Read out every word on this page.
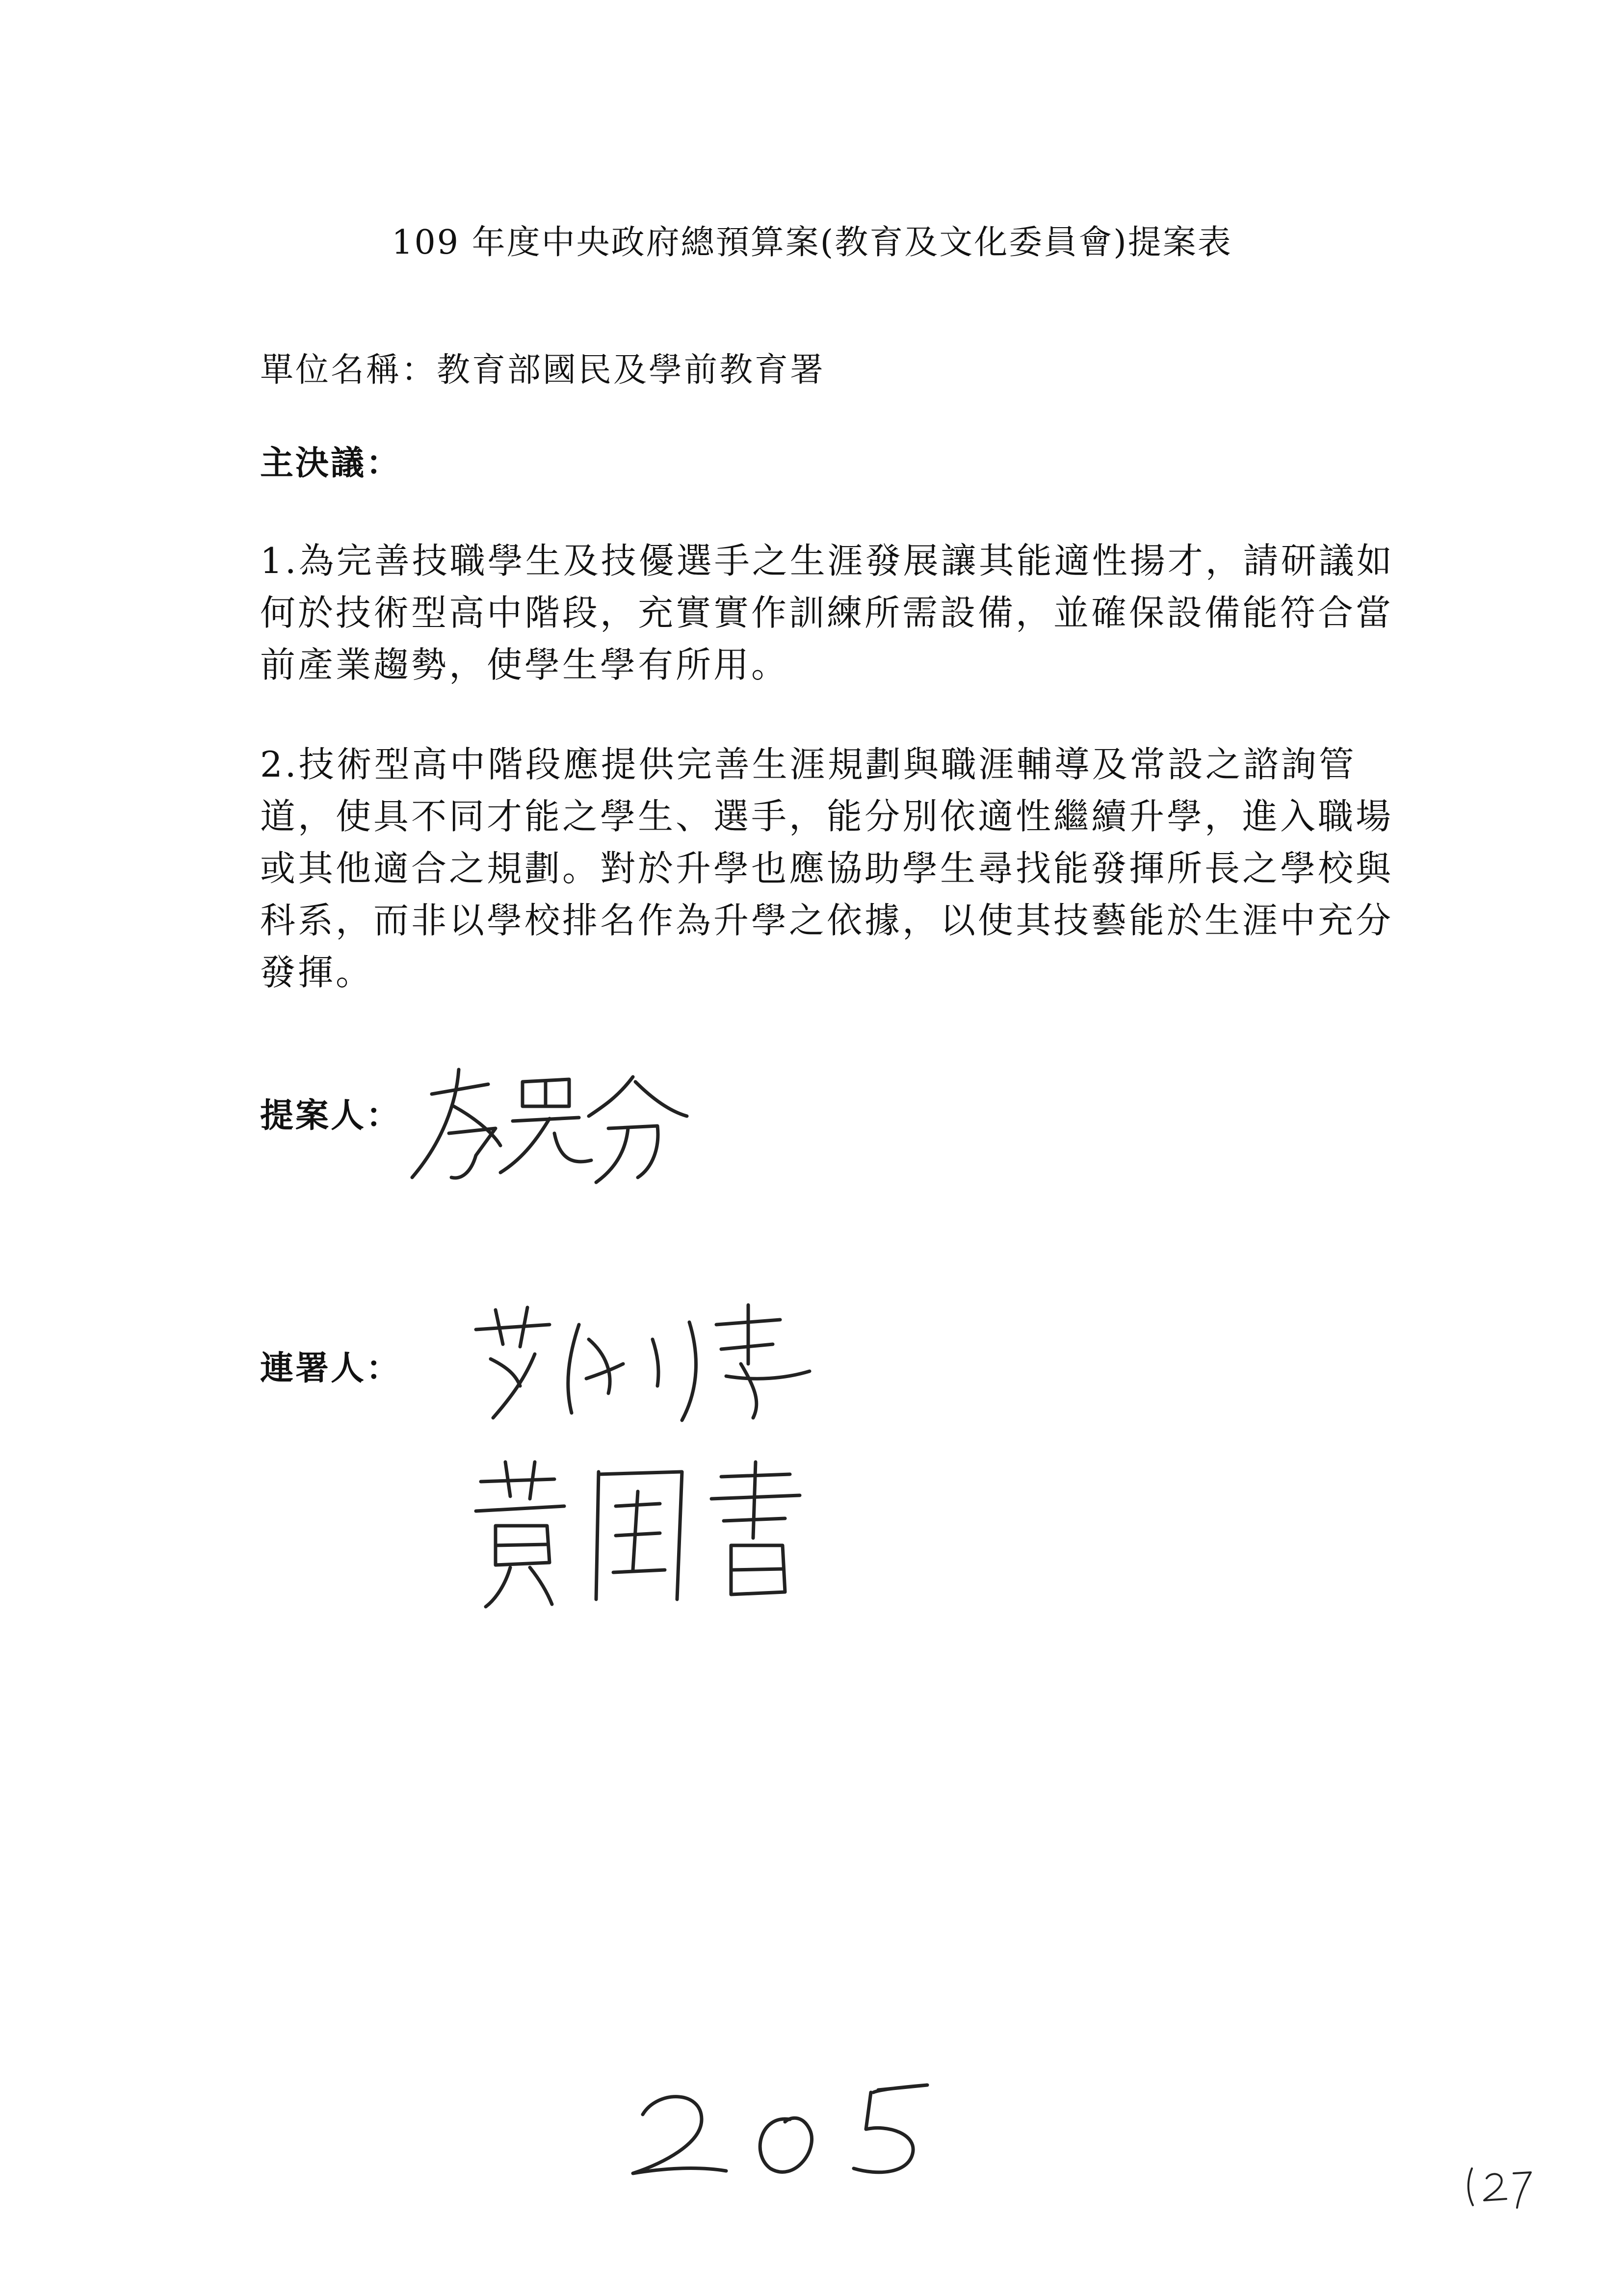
109 年度中央政府總預算案(教育及文化委員會)提案表
單位名稱：教育部國民及學前教育署
主決議：

1.為完善技職學生及技優選手之生涯發展讓其能適性揚才，請研議如

何於技術型高中階段，充實實作訓練所需設備，並確保設備能符合當

前產業趨勢，使學生學有所用。

2.技術型高中階段應提供完善生涯規劃與職涯輔導及常設之諮詢管

道，使具不同才能之學生、選手，能分別依適性繼續升學，進入職場

或其他適合之規劃。對於升學也應協助學生尋找能發揮所長之學校與

科系，而非以學校排名作為升學之依據，以使其技藝能於生涯中充分

發揮。

提案人：
連署人：
